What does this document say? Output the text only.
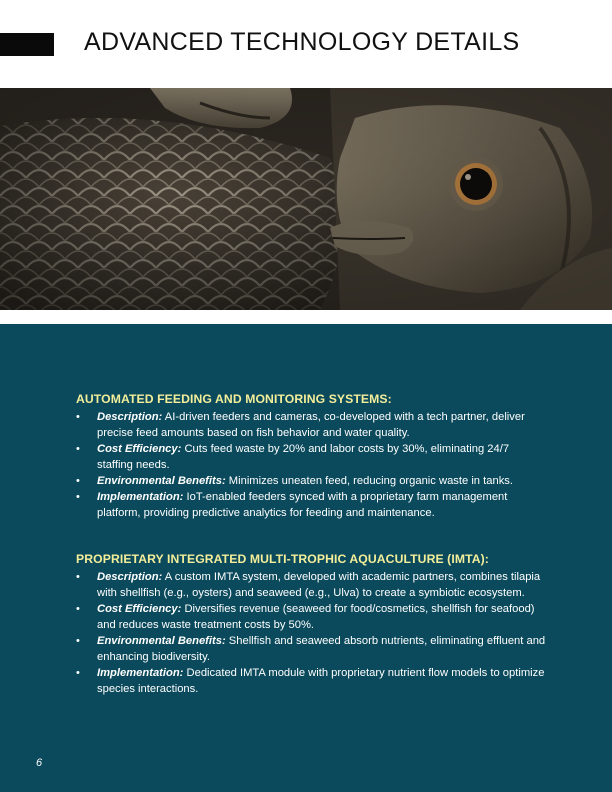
ADVANCED TECHNOLOGY DETAILS
AUTOMATED FEEDING AND MONITORING SYSTEMS:
• Description: AI-driven feeders and cameras, co-developed with a tech partner, deliver precise feed amounts based on fish behavior and water quality.
• Cost Efficiency: Cuts feed waste by 20% and labor costs by 30%, eliminating 24/7 staffing needs.
• Environmental Benefits: Minimizes uneaten feed, reducing organic waste in tanks.
• Implementation: IoT-enabled feeders synced with a proprietary farm management platform, providing predictive analytics for feeding and maintenance.
PROPRIETARY INTEGRATED MULTI-TROPHIC AQUACULTURE (IMTA):
• Description: A custom IMTA system, developed with academic partners, combines tilapia with shellfish (e.g., oysters) and seaweed (e.g., Ulva) to create a symbiotic ecosystem.
• Cost Efficiency: Diversifies revenue (seaweed for food/cosmetics, shellfish for seafood) and reduces waste treatment costs by 50%.
• Environmental Benefits: Shellfish and seaweed absorb nutrients, eliminating effluent and enhancing biodiversity.
• Implementation: Dedicated IMTA module with proprietary nutrient flow models to optimize species interactions.
6
